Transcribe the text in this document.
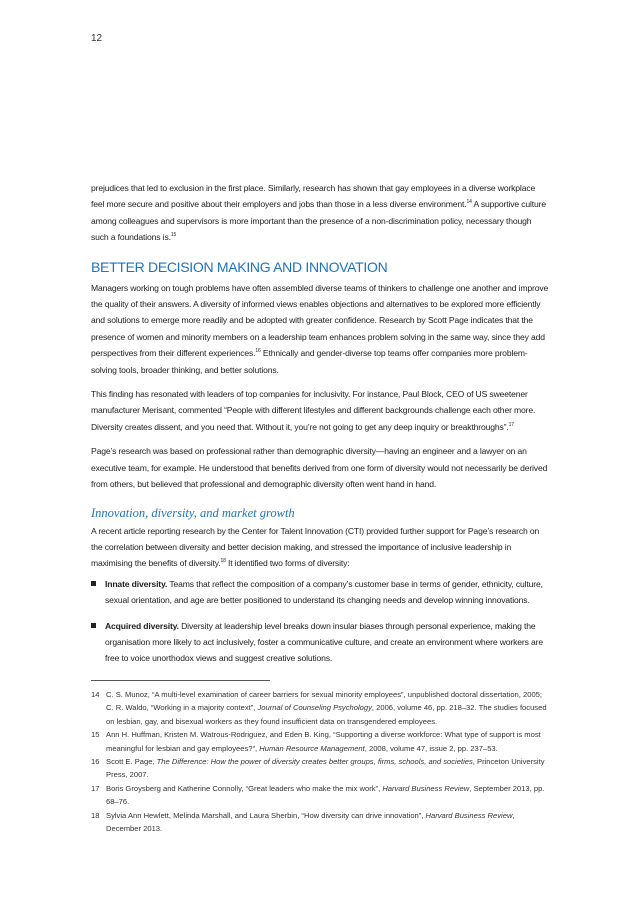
12

prejudices that led to exclusion in the first place. Similarly, research has shown that gay employees in a diverse workplace feel more secure and positive about their employers and jobs than those in a less diverse environment.$^{14}$ A supportive culture among colleagues and supervisors is more important than the presence of a non-discrimination policy, necessary though such a foundations is.$^{15}$

BETTER DECISION MAKING AND INNOVATION

Managers working on tough problems have often assembled diverse teams of thinkers to challenge one another and improve the quality of their answers. A diversity of informed views enables objections and alternatives to be explored more efficiently and solutions to emerge more readily and be adopted with greater confidence. Research by Scott Page indicates that the presence of women and minority members on a leadership team enhances problem solving in the same way, since they add perspectives from their different experiences.$^{16}$ Ethnically and gender-diverse top teams offer companies more problem-solving tools, broader thinking, and better solutions.

This finding has resonated with leaders of top companies for inclusivity. For instance, Paul Block, CEO of US sweetener manufacturer Merisant, commented “People with different lifestyles and different backgrounds challenge each other more. Diversity creates dissent, and you need that. Without it, you’re not going to get any deep inquiry or breakthroughs”.$^{17}$

Page’s research was based on professional rather than demographic diversity—having an engineer and a lawyer on an executive team, for example. He understood that benefits derived from one form of diversity would not necessarily be derived from others, but believed that professional and demographic diversity often went hand in hand.

Innovation, diversity, and market growth

A recent article reporting research by the Center for Talent Innovation (CTI) provided further support for Page’s research on the correlation between diversity and better decision making, and stressed the importance of inclusive leadership in maximising the benefits of diversity.$^{18}$ It identified two forms of diversity:

Innate diversity. Teams that reflect the composition of a company’s customer base in terms of gender, ethnicity, culture, sexual orientation, and age are better positioned to understand its changing needs and develop winning innovations.
Acquired diversity. Diversity at leadership level breaks down insular biases through personal experience, making the organisation more likely to act inclusively, foster a communicative culture, and create an environment where workers are free to voice unorthodox views and suggest creative solutions.
14 C. S. Munoz, “A multi-level examination of career barriers for sexual minority employees”, unpublished doctoral dissertation, 2005; C. R. Waldo, “Working in a majority context”, Journal of Counseling Psychology, 2006, volume 46, pp. 218–32. The studies focused on lesbian, gay, and bisexual workers as they found insufficient data on transgendered employees.
15 Ann H. Huffman, Kristen M. Watrous-Rodriguez, and Eden B. King, “Supporting a diverse workforce: What type of support is most meaningful for lesbian and gay employees?”, Human Resource Management, 2008, volume 47, issue 2, pp. 237–53.
16 Scott E. Page, The Difference: How the power of diversity creates better groups, firms, schools, and societies, Princeton University Press, 2007.
17 Boris Groysberg and Katherine Connolly, “Great leaders who make the mix work”, Harvard Business Review, September 2013, pp. 68–76.
18 Sylvia Ann Hewlett, Melinda Marshall, and Laura Sherbin, “How diversity can drive innovation”, Harvard Business Review, December 2013.
